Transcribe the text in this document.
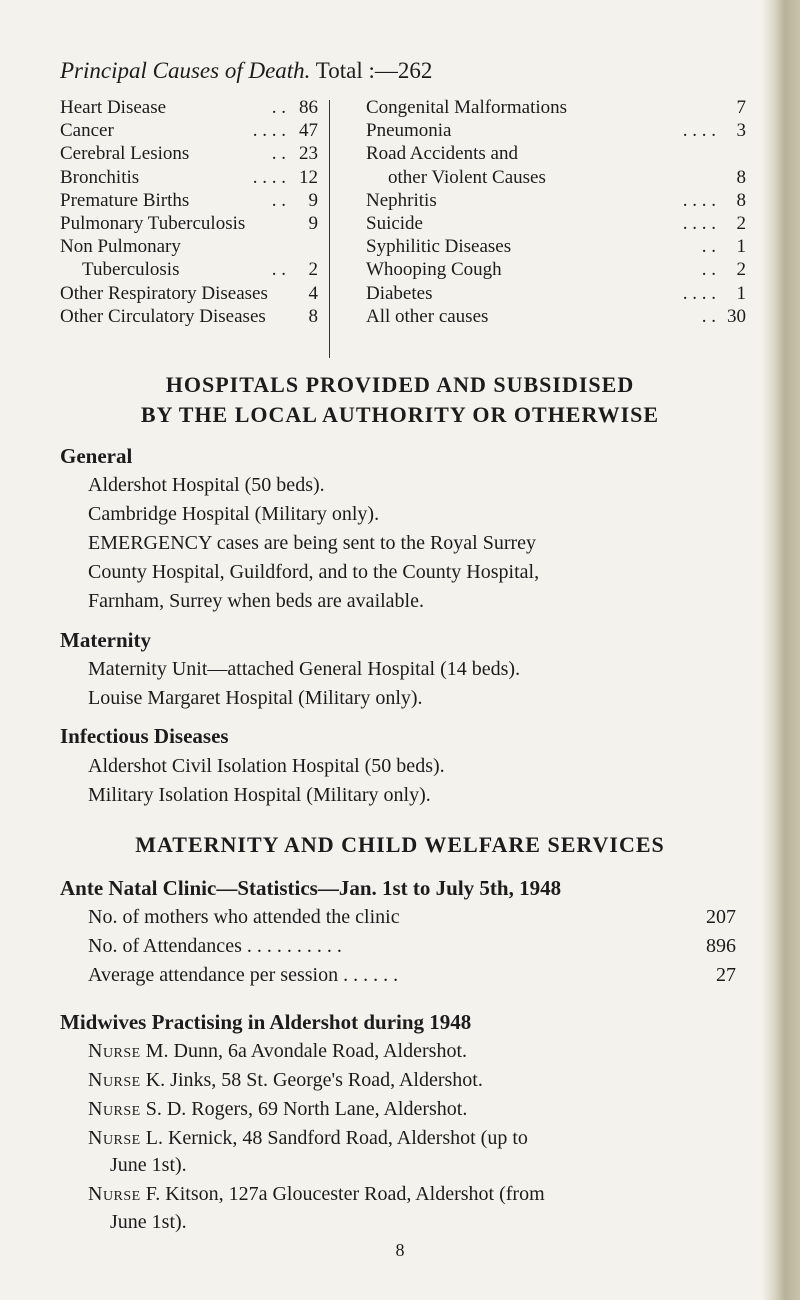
Principal Causes of Death. Total :—262
Heart Disease	. . 86
Cancer	. . . . 47
Cerebral Lesions	. . 23
Bronchitis	. . . . 12
Premature Births	. . 9
Pulmonary Tuberculosis	9
Non Pulmonary
Tuberculosis	. . 2
Other Respiratory Diseases 4
Other Circulatory Diseases 8
Congenital Malformations	7
Pneumonia	. . . . 3
Road Accidents and
other Violent Causes	8
Nephritis	. . . . 8
Suicide	. . . . 2
Syphilitic Diseases	. . 1
Whooping Cough	. . 2
Diabetes	. . . . 1
All other causes	. . 30
HOSPITALS PROVIDED AND SUBSIDISED
BY THE LOCAL AUTHORITY OR OTHERWISE
General
Aldershot Hospital (50 beds).
Cambridge Hospital (Military only).
EMERGENCY cases are being sent to the Royal Surrey
County Hospital, Guildford, and to the County Hospital,
Farnham, Surrey when beds are available.
Maternity
Maternity Unit—attached General Hospital (14 beds).
Louise Margaret Hospital (Military only).
Infectious Diseases
Aldershot Civil Isolation Hospital (50 beds).
Military Isolation Hospital (Military only).
MATERNITY AND CHILD WELFARE SERVICES
Ante Natal Clinic—Statistics—Jan. 1st to July 5th, 1948
No. of mothers who attended the clinic	207
No. of Attendances . . . . . . . . . .	896
Average attendance per session . . . . . .	27
Midwives Practising in Aldershot during 1948
Nurse M. Dunn, 6a Avondale Road, Aldershot.
Nurse K. Jinks, 58 St. George's Road, Aldershot.
Nurse S. D. Rogers, 69 North Lane, Aldershot.
Nurse L. Kernick, 48 Sandford Road, Aldershot (up to
June 1st).
Nurse F. Kitson, 127a Gloucester Road, Aldershot (from
June 1st).
8
